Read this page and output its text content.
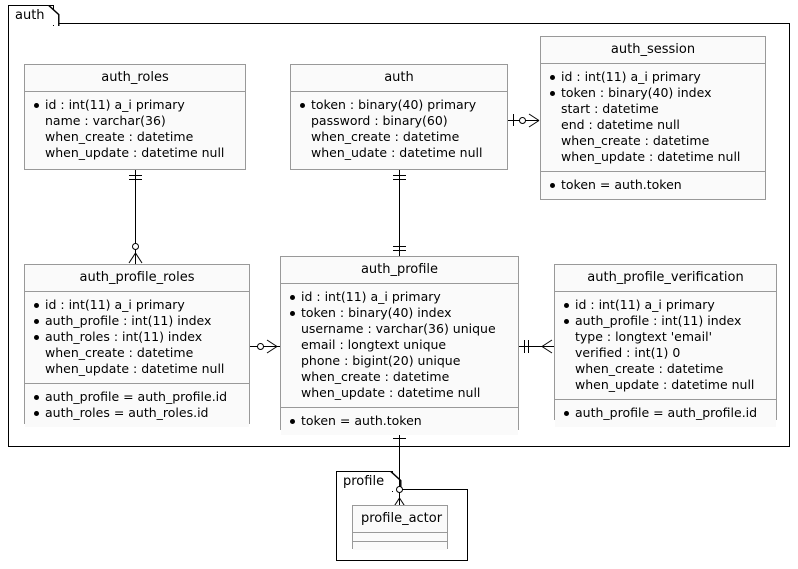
auth
profile
auth_roles
id : int(11) a_i primary
name : varchar(36)
when_create : datetime
when_update : datetime null
auth
token : binary(40) primary
password : binary(60)
when_create : datetime
when_udate : datetime null
auth_session
id : int(11) a_i primary
token : binary(40) index
start : datetime
end : datetime null
when_create : datetime
when_update : datetime null
token = auth.token
auth_profile_roles
id : int(11) a_i primary
auth_profile : int(11) index
auth_roles : int(11) index
when_create : datetime
when_update : datetime null
auth_profile = auth_profile.id
auth_roles = auth_roles.id
auth_profile
id : int(11) a_i primary
token : binary(40) index
username : varchar(36) unique
email : longtext unique
phone : bigint(20) unique
when_create : datetime
when_update : datetime null
token = auth.token
auth_profile_verification
id : int(11) a_i primary
auth_profile : int(11) index
type : longtext 'email'
verified : int(1) 0
when_create : datetime
when_update : datetime null
auth_profile = auth_profile.id
profile_actor
